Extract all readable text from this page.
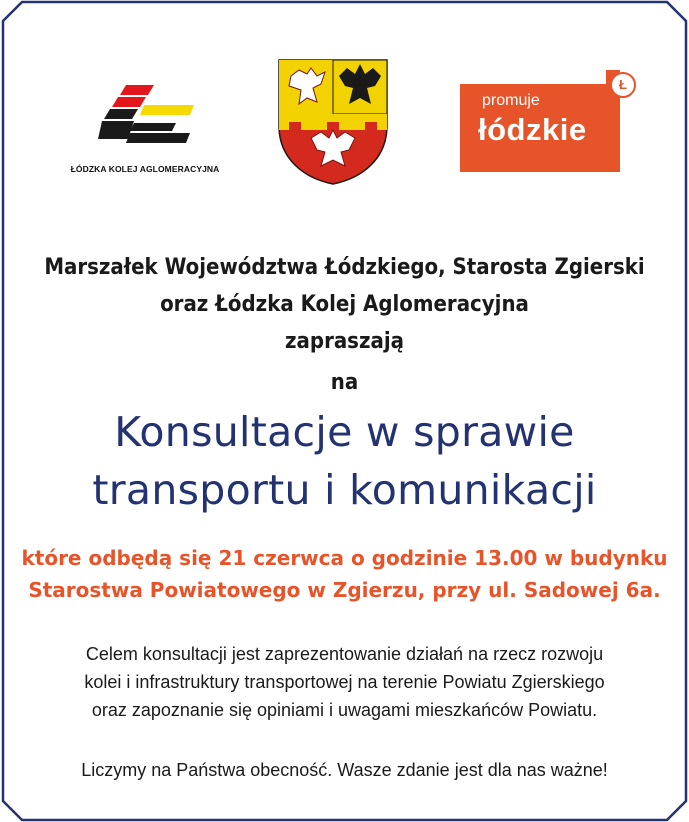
ŁÓDZKA KOLEJ AGLOMERACYJNA
promuje
łódzkie
Ł
Marszałek Województwa Łódzkiego, Starosta Zgierski
oraz Łódzka Kolej Aglomeracyjna
zapraszają
na
Konsultacje w sprawie
transportu i komunikacji
które odbędą się 21 czerwca o godzinie 13.00 w budynku
Starostwa Powiatowego w Zgierzu, przy ul. Sadowej 6a.
Celem konsultacji jest zaprezentowanie działań na rzecz rozwoju
kolei i infrastruktury transportowej na terenie Powiatu Zgierskiego
oraz zapoznanie się opiniami i uwagami mieszkańców Powiatu.
Liczymy na Państwa obecność. Wasze zdanie jest dla nas ważne!
